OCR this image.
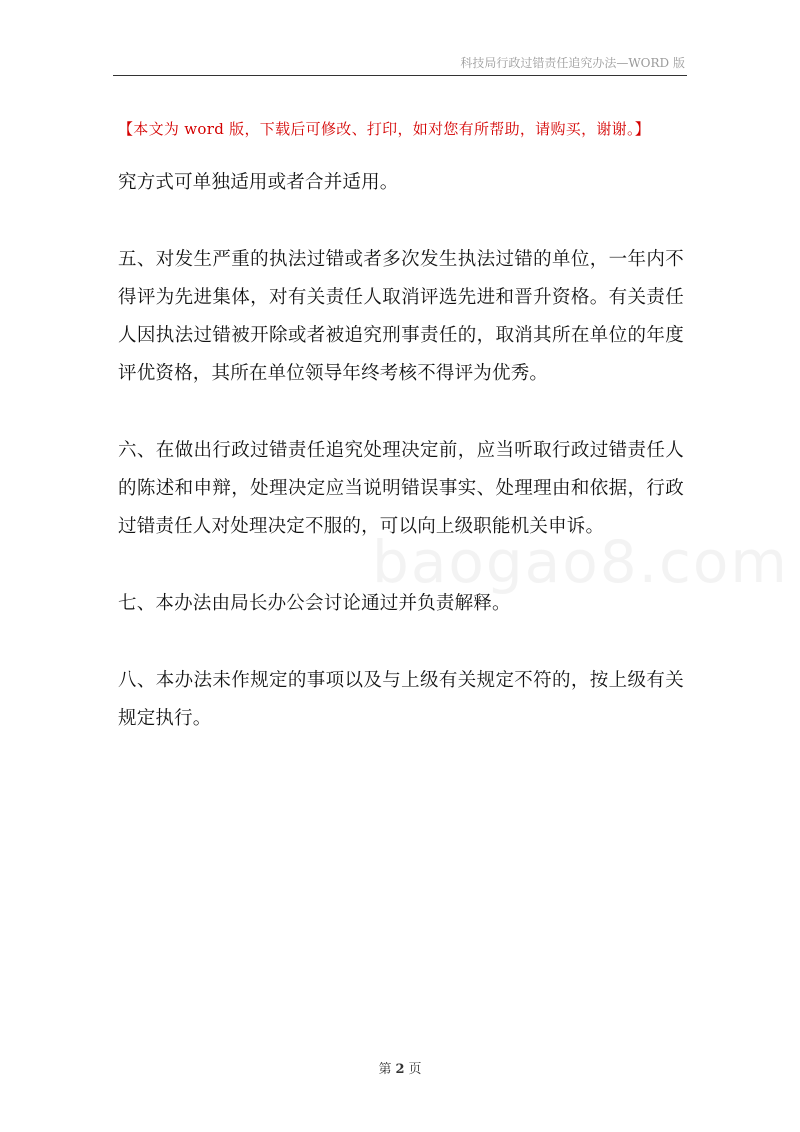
科技局行政过错责任追究办法—WORD 版
【本文为 word 版，下载后可修改、打印，如对您有所帮助，请购买，谢谢。】
baogao8.com

究方式可单独适用或者合并适用。

五、对发生严重的执法过错或者多次发生执法过错的单位，一年内不得评为先进集体，对有关责任人取消评选先进和晋升资格。有关责任人因执法过错被开除或者被追究刑事责任的，取消其所在单位的年度评优资格，其所在单位领导年终考核不得评为优秀。

六、在做出行政过错责任追究处理决定前，应当听取行政过错责任人的陈述和申辩，处理决定应当说明错误事实、处理理由和依据，行政过错责任人对处理决定不服的，可以向上级职能机关申诉。

七、本办法由局长办公会讨论通过并负责解释。

八、本办法未作规定的事项以及与上级有关规定不符的，按上级有关规定执行。

第 2 页
